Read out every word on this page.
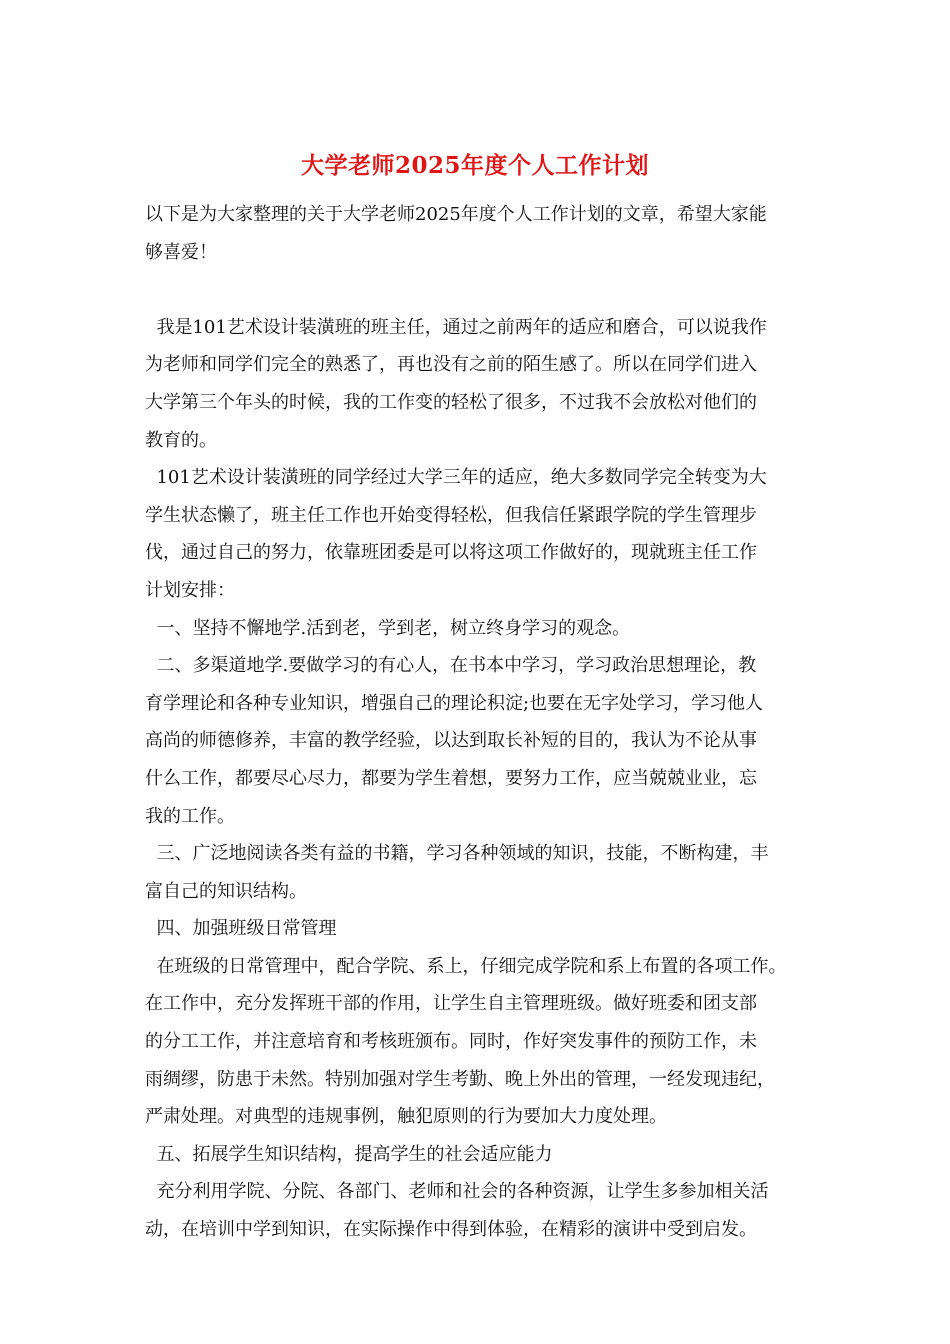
大学老师2025年度个人工作计划
以下是为大家整理的关于大学老师2025年度个人工作计划的文章，希望大家能
够喜爱！
我是101艺术设计装潢班的班主任，通过之前两年的适应和磨合，可以说我作
为老师和同学们完全的熟悉了，再也没有之前的陌生感了。所以在同学们进入
大学第三个年头的时候，我的工作变的轻松了很多，不过我不会放松对他们的
教育的。
101艺术设计装潢班的同学经过大学三年的适应，绝大多数同学完全转变为大
学生状态懒了，班主任工作也开始变得轻松，但我信任紧跟学院的学生管理步
伐，通过自己的努力，依靠班团委是可以将这项工作做好的，现就班主任工作
计划安排：
一、坚持不懈地学.活到老，学到老，树立终身学习的观念。
二、多渠道地学.要做学习的有心人，在书本中学习，学习政治思想理论，教
育学理论和各种专业知识，增强自己的理论积淀;也要在无字处学习，学习他人
高尚的师德修养，丰富的教学经验，以达到取长补短的目的，我认为不论从事
什么工作，都要尽心尽力，都要为学生着想，要努力工作，应当兢兢业业，忘
我的工作。
三、广泛地阅读各类有益的书籍，学习各种领域的知识，技能，不断构建，丰
富自己的知识结构。
四、加强班级日常管理
在班级的日常管理中，配合学院、系上，仔细完成学院和系上布置的各项工作。
在工作中，充分发挥班干部的作用，让学生自主管理班级。做好班委和团支部
的分工工作，并注意培育和考核班颁布。同时，作好突发事件的预防工作，未
雨绸缪，防患于未然。特别加强对学生考勤、晚上外出的管理，一经发现违纪，
严肃处理。对典型的违规事例，触犯原则的行为要加大力度处理。
五、拓展学生知识结构，提高学生的社会适应能力
充分利用学院、分院、各部门、老师和社会的各种资源，让学生多参加相关活
动，在培训中学到知识，在实际操作中得到体验，在精彩的演讲中受到启发。
